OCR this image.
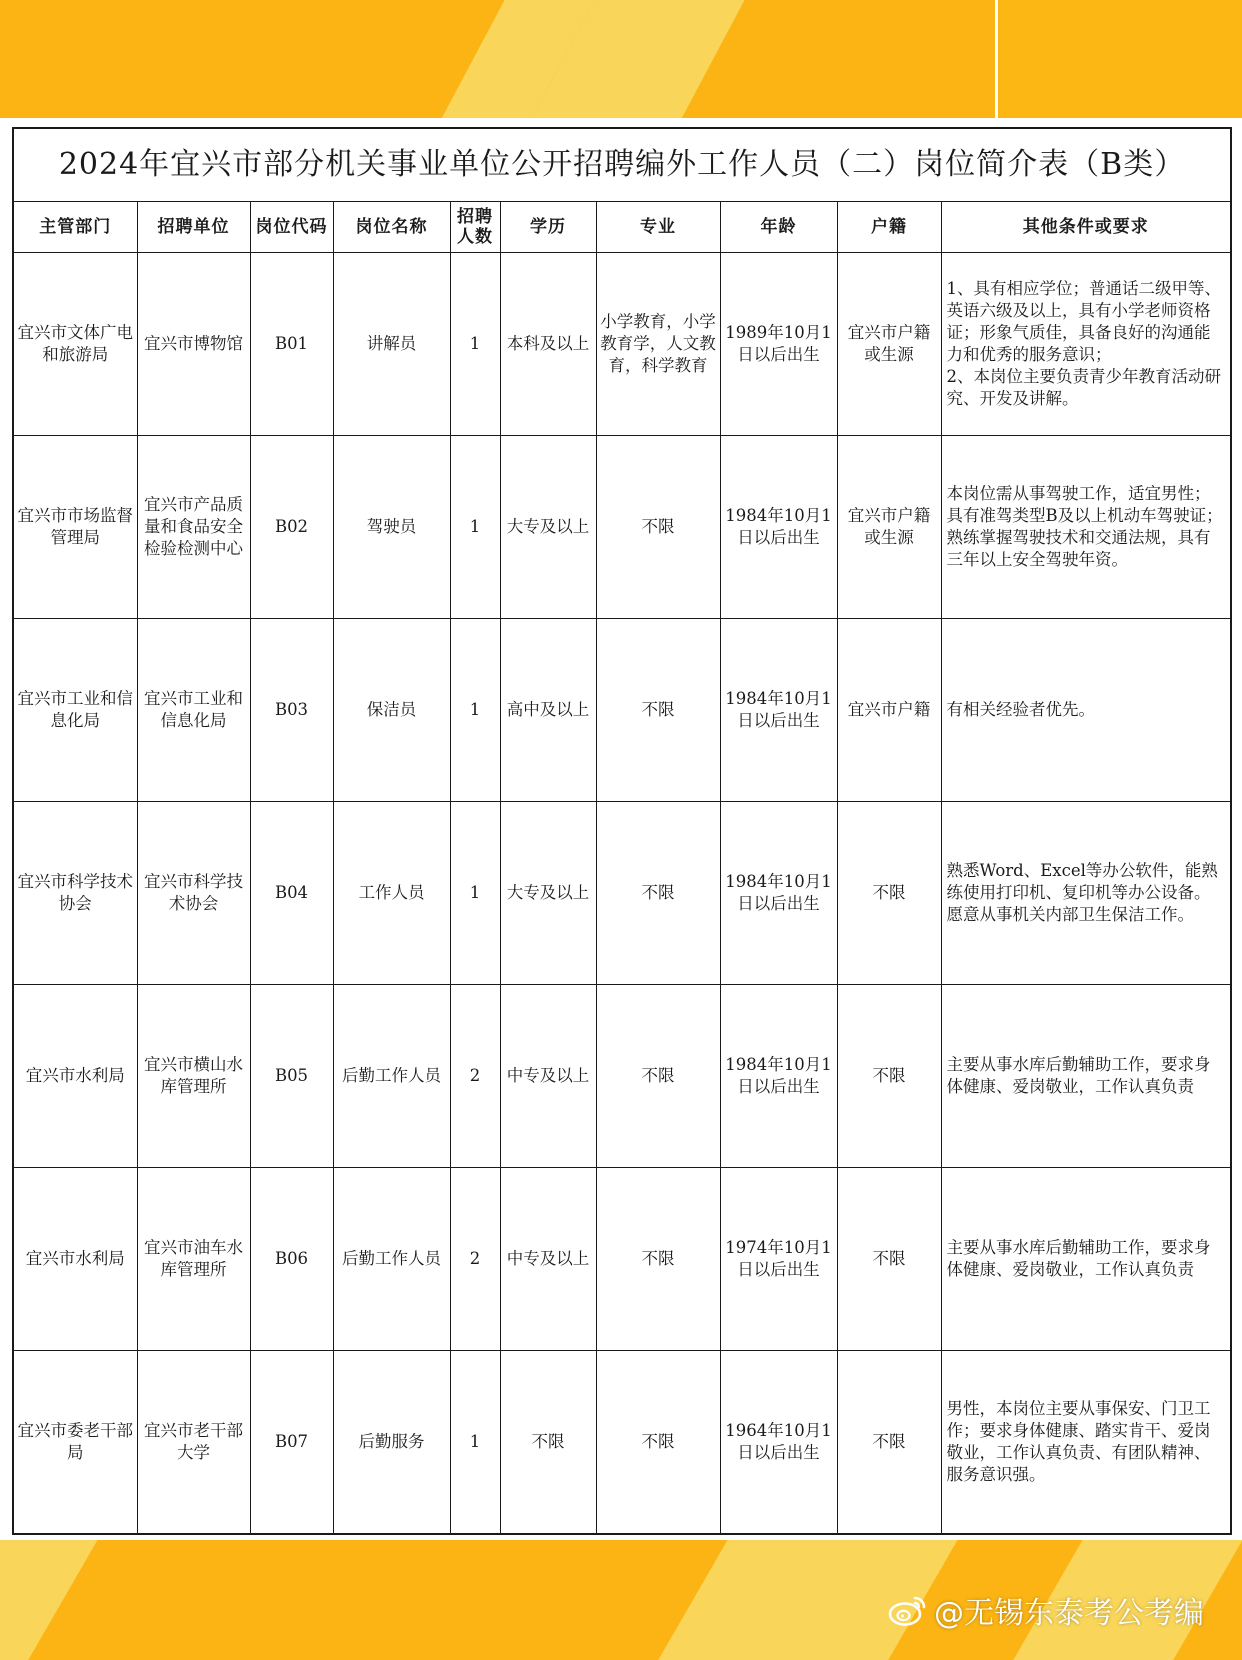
2024年宜兴市部分机关事业单位公开招聘编外工作人员（二）岗位简介表（B类）									
主管部门	招聘单位	岗位代码	岗位名称	招聘人数	学历	专业	年龄	户籍	其他条件或要求
宜兴市文体广电和旅游局	宜兴市博物馆	B01	讲解员	1	本科及以上	小学教育，小学教育学，人文教育，科学教育	1989年10月1日以后出生	宜兴市户籍或生源	1、具有相应学位；普通话二级甲等、英语六级及以上，具有小学老师资格证；形象气质佳，具备良好的沟通能力和优秀的服务意识；
2、本岗位主要负责青少年教育活动研究、开发及讲解。
宜兴市市场监督管理局	宜兴市产品质量和食品安全检验检测中心	B02	驾驶员	1	大专及以上	不限	1984年10月1日以后出生	宜兴市户籍或生源	本岗位需从事驾驶工作，适宜男性；具有准驾类型B及以上机动车驾驶证；熟练掌握驾驶技术和交通法规，具有三年以上安全驾驶年资。
宜兴市工业和信息化局	宜兴市工业和信息化局	B03	保洁员	1	高中及以上	不限	1984年10月1日以后出生	宜兴市户籍	有相关经验者优先。
宜兴市科学技术协会	宜兴市科学技术协会	B04	工作人员	1	大专及以上	不限	1984年10月1日以后出生	不限	熟悉Word、Excel等办公软件，能熟练使用打印机、复印机等办公设备。愿意从事机关内部卫生保洁工作。
宜兴市水利局	宜兴市横山水库管理所	B05	后勤工作人员	2	中专及以上	不限	1984年10月1日以后出生	不限	主要从事水库后勤辅助工作，要求身体健康、爱岗敬业，工作认真负责
宜兴市水利局	宜兴市油车水库管理所	B06	后勤工作人员	2	中专及以上	不限	1974年10月1日以后出生	不限	主要从事水库后勤辅助工作，要求身体健康、爱岗敬业，工作认真负责
宜兴市委老干部局	宜兴市老干部大学	B07	后勤服务	1	不限	不限	1964年10月1日以后出生	不限	男性，本岗位主要从事保安、门卫工作；要求身体健康、踏实肯干、爱岗敬业，工作认真负责、有团队精神、服务意识强。
@无锡东泰考公考编
